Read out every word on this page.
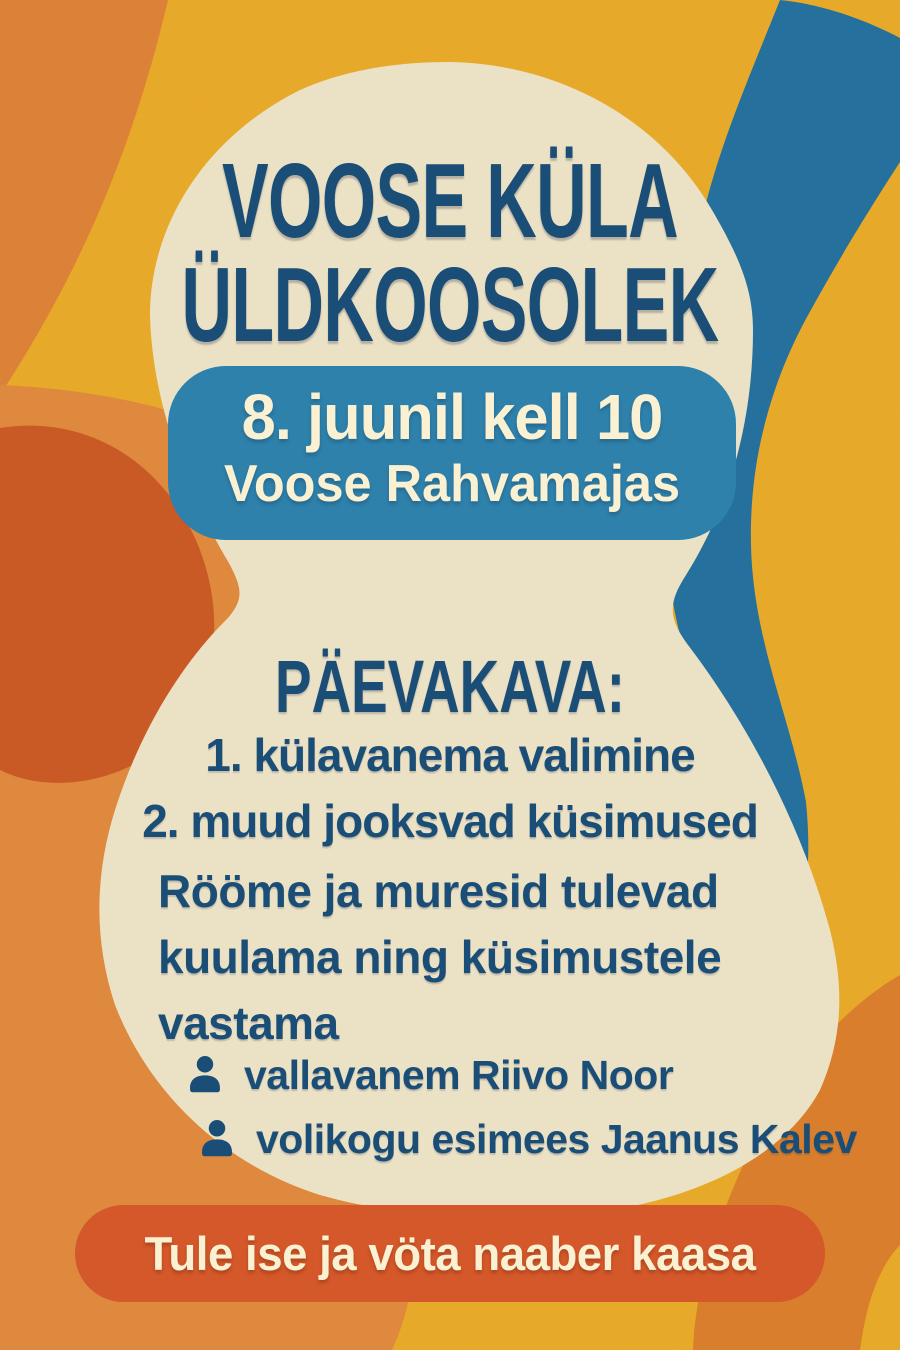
VOOSE KÜLA
ÜLDKOOSOLEK
8. juunil kell 10
Voose Rahvamajas
PÄEVAKAVA:
1. külavanema valimine
2. muud jooksvad küsimused
Rööme ja muresid tulevad
kuulama ning küsimustele
vastama
vallavanem Riivo Noor
volikogu esimees Jaanus Kalev
Tule ise ja vöta naaber kaasa
